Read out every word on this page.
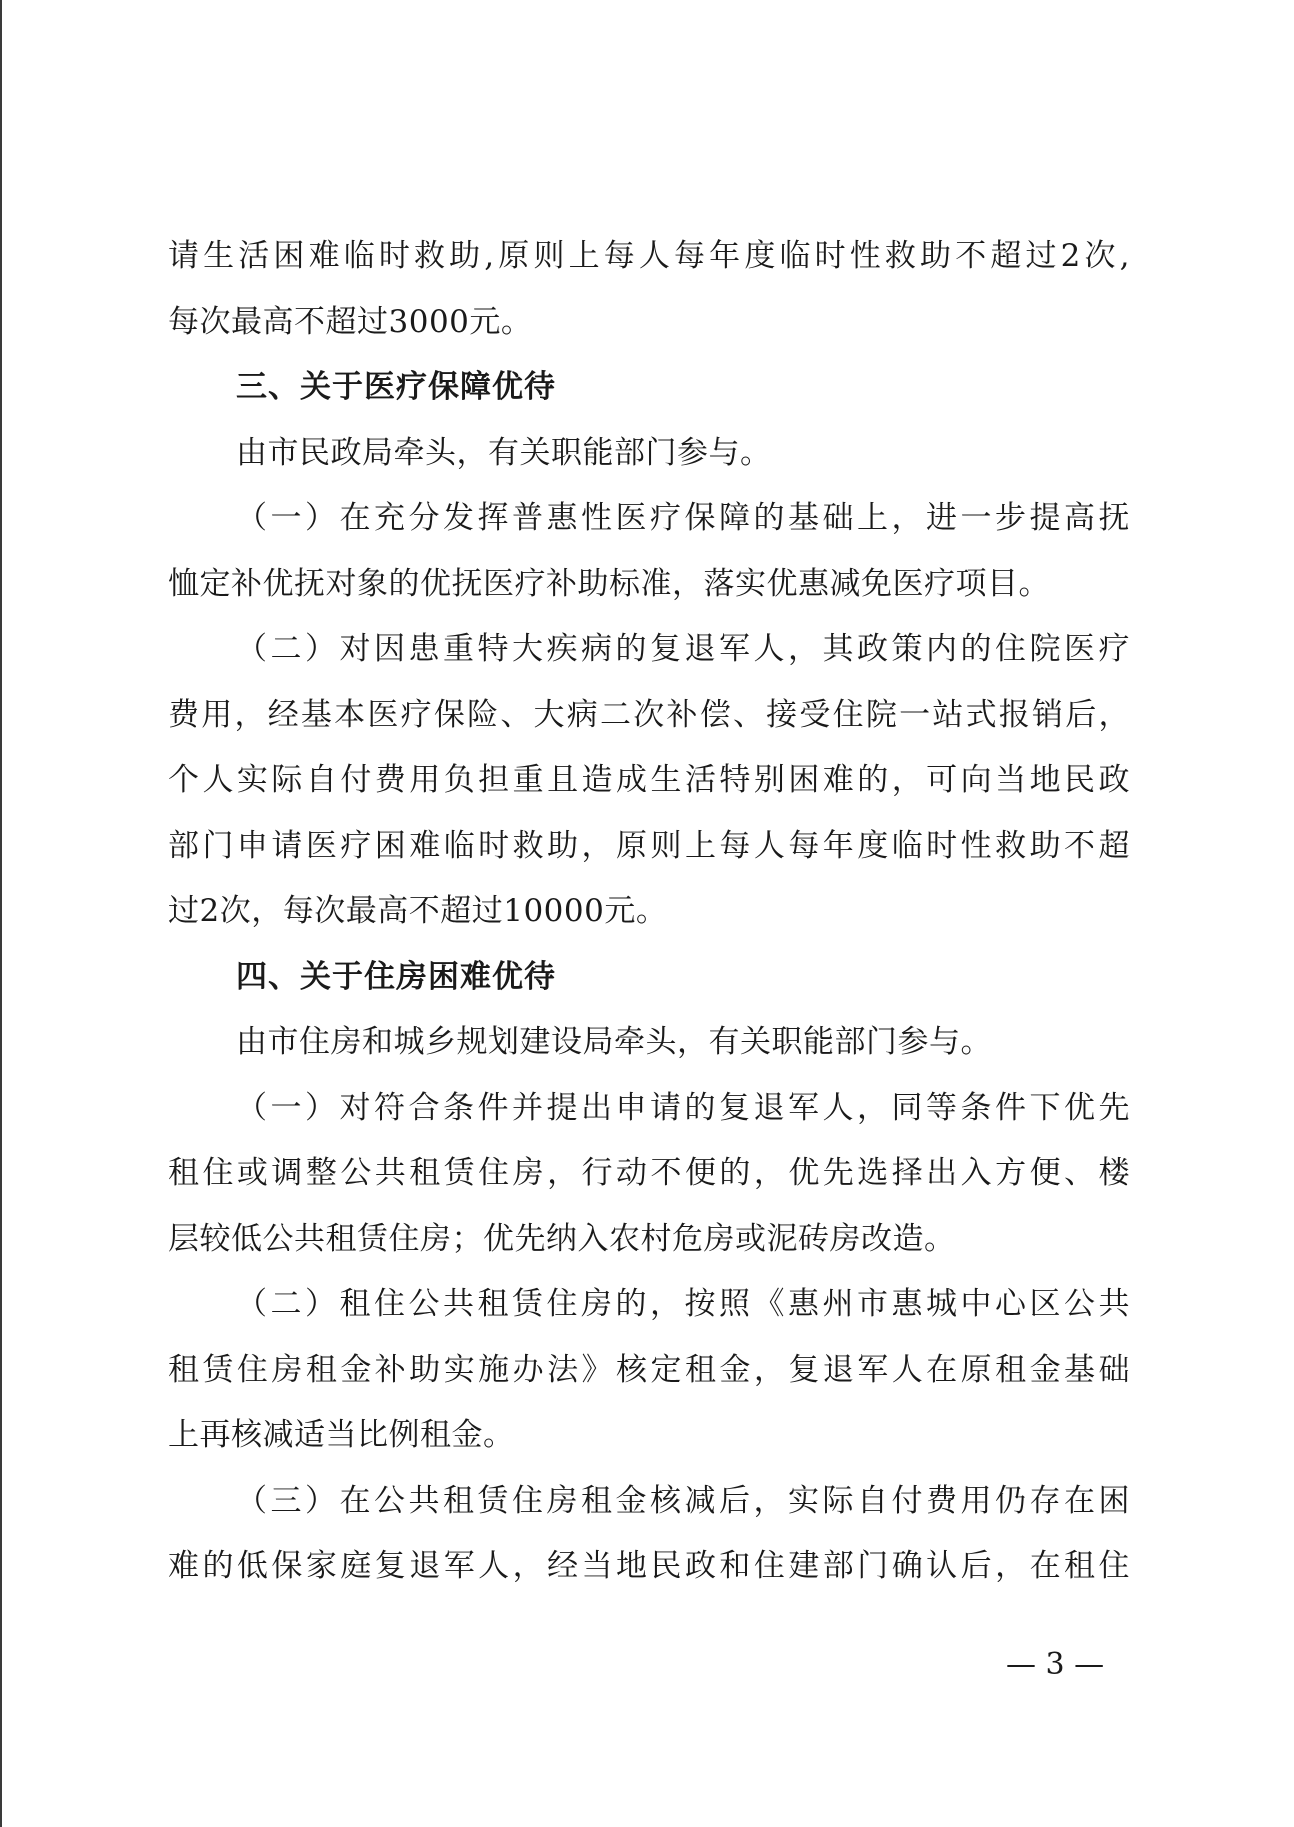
请生活困难临时救助,原则上每人每年度临时性救助不超过2次,
每次最高不超过3000元。
三、关于医疗保障优待
由市民政局牵头，有关职能部门参与。
（一）在充分发挥普惠性医疗保障的基础上，进一步提高抚
恤定补优抚对象的优抚医疗补助标准，落实优惠减免医疗项目。
（二）对因患重特大疾病的复退军人，其政策内的住院医疗
费用，经基本医疗保险、大病二次补偿、接受住院一站式报销后，
个人实际自付费用负担重且造成生活特别困难的，可向当地民政
部门申请医疗困难临时救助，原则上每人每年度临时性救助不超
过2次，每次最高不超过10000元。
四、关于住房困难优待
由市住房和城乡规划建设局牵头，有关职能部门参与。
（一）对符合条件并提出申请的复退军人，同等条件下优先
租住或调整公共租赁住房，行动不便的，优先选择出入方便、楼
层较低公共租赁住房；优先纳入农村危房或泥砖房改造。
（二）租住公共租赁住房的，按照《惠州市惠城中心区公共
租赁住房租金补助实施办法》核定租金，复退军人在原租金基础
上再核减适当比例租金。
（三）在公共租赁住房租金核减后，实际自付费用仍存在困
难的低保家庭复退军人，经当地民政和住建部门确认后，在租住
— 3 —
